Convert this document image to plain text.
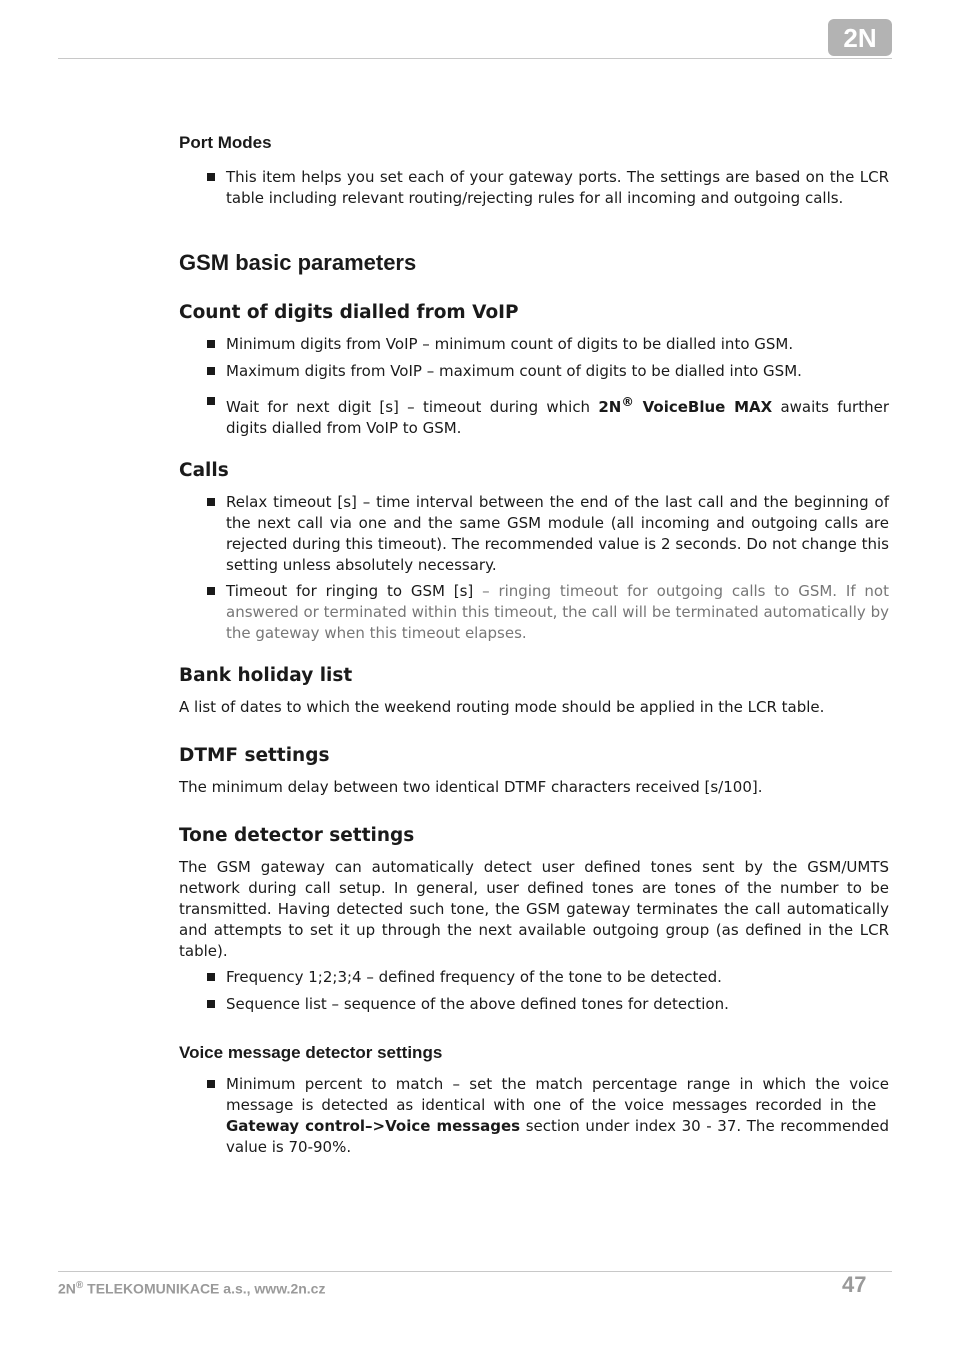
2N
Port Modes
This item helps you set each of your gateway ports. The settings are based on the LCR table including relevant routing/rejecting rules for all incoming and outgoing calls.
GSM basic parameters
Count of digits dialled from VoIP
Minimum digits from VoIP – minimum count of digits to be dialled into GSM.
Maximum digits from VoIP – maximum count of digits to be dialled into GSM.
Wait for next digit [s] – timeout during which 2N® VoiceBlue MAX awaits further digits dialled from VoIP to GSM.
Calls
Relax timeout [s] – time interval between the end of the last call and the beginning of the next call via one and the same GSM module (all incoming and outgoing calls are rejected during this timeout). The recommended value is 2 seconds. Do not change this setting unless absolutely necessary.
Timeout for ringing to GSM [s] – ringing timeout for outgoing calls to GSM. If not answered or terminated within this timeout, the call will be terminated automatically by the gateway when this timeout elapses.
Bank holiday list

A list of dates to which the weekend routing mode should be applied in the LCR table.

DTMF settings

The minimum delay between two identical DTMF characters received [s/100].

Tone detector settings

The GSM gateway can automatically detect user defined tones sent by the GSM/UMTS network during call setup. In general, user defined tones are tones of the number to be transmitted. Having detected such tone, the GSM gateway terminates the call automatically and attempts to set it up through the next available outgoing group (as defined in the LCR table).

Frequency 1;2;3;4 – defined frequency of the tone to be detected.
Sequence list – sequence of the above defined tones for detection.
Voice message detector settings
Minimum percent to match – set the match percentage range in which the voice message is detected as identical with one of the voice messages recorded in the   Gateway control–>Voice messages section under index 30 - 37. The recommended value is 70-90%.
2N® TELEKOMUNIKACE a.s., www.2n.cz	47
